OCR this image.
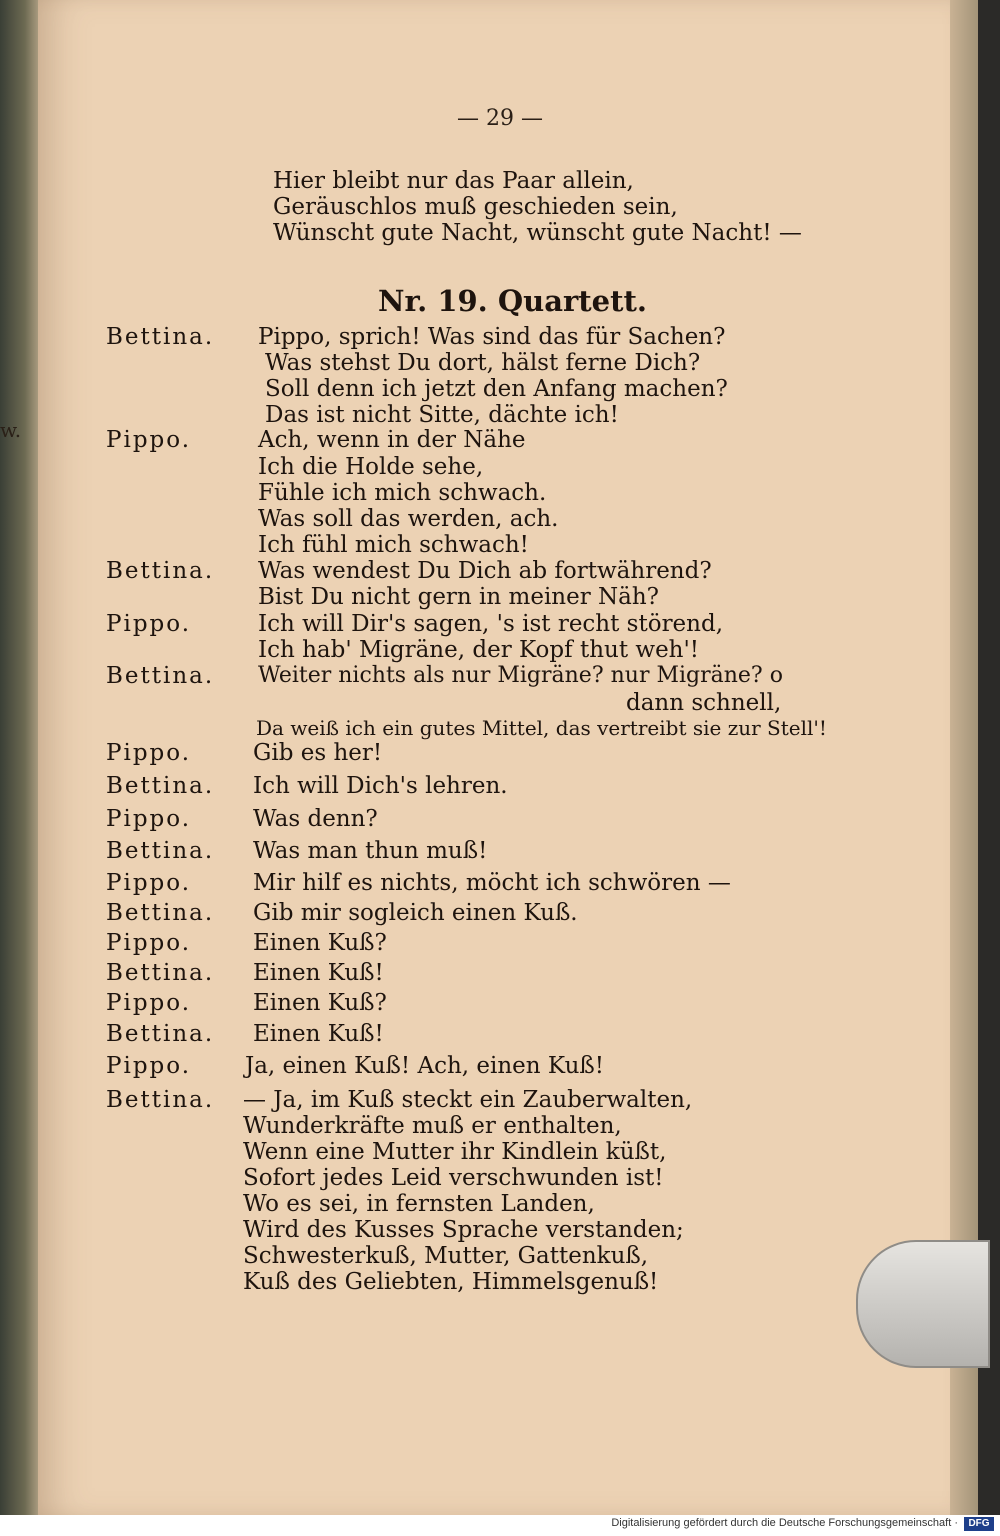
w.
— 29 —
Hier bleibt nur das Paar allein,
Geräuschlos muß geschieden sein,
Wünscht gute Nacht, wünscht gute Nacht! —
Nr. 19. Quartett.
Bettina.
Pippo.
Bettina.
Pippo.
Bettina.
Pippo.
Bettina.
Pippo.
Bettina.
Pippo.
Bettina.
Pippo.
Bettina.
Pippo.
Bettina.
Pippo.
Bettina.
Pippo, sprich! Was sind das für Sachen?
Was stehst Du dort, hälst ferne Dich?
Soll denn ich jetzt den Anfang machen?
Das ist nicht Sitte, dächte ich!
Ach, wenn in der Nähe
Ich die Holde sehe,
Fühle ich mich schwach.
Was soll das werden, ach.
Ich fühl mich schwach!
Was wendest Du Dich ab fortwährend?
Bist Du nicht gern in meiner Näh?
Ich will Dir's sagen, 's ist recht störend,
Ich hab' Migräne, der Kopf thut weh'!
Weiter nichts als nur Migräne? nur Migräne? o
dann schnell,
Da weiß ich ein gutes Mittel, das vertreibt sie zur Stell'!
Gib es her!
Ich will Dich's lehren.
Was denn?
Was man thun muß!
Mir hilf es nichts, möcht ich schwören —
Gib mir sogleich einen Kuß.
Einen Kuß?
Einen Kuß!
Einen Kuß?
Einen Kuß!
Ja, einen Kuß! Ach, einen Kuß!
— Ja, im Kuß steckt ein Zauberwalten,
Wunderkräfte muß er enthalten,
Wenn eine Mutter ihr Kindlein küßt,
Sofort jedes Leid verschwunden ist!
Wo es sei, in fernsten Landen,
Wird des Kusses Sprache verstanden;
Schwesterkuß, Mutter, Gattenkuß,
Kuß des Geliebten, Himmelsgenuß!
Digitalisierung gefördert durch die Deutsche Forschungsgemeinschaft ·	DFG
